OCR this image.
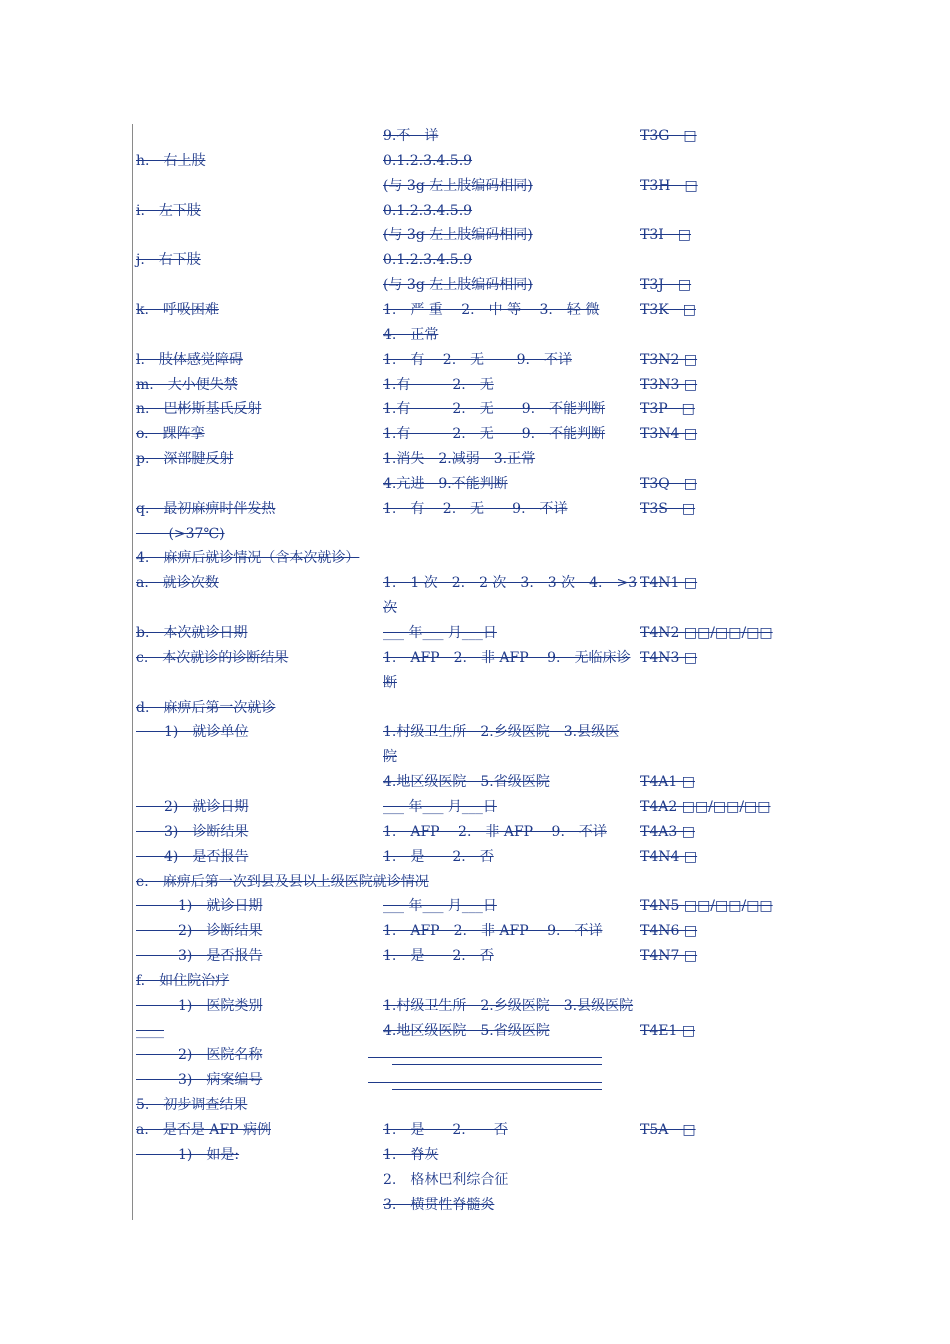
9.不　详	T3G　□
h.　右上肢	0.1.2.3.4.5.9
(与 3g 左上肢编码相同)	T3H　□
i.　左下肢	0.1.2.3.4.5.9
(与 3g 左上肢编码相同)	T3I　□
j.　右下肢	0.1.2.3.4.5.9
(与 3g 左上肢编码相同)	T3J　□
k.　呼吸困难	1.　严 重　 2.　中 等　 3.　轻 微	T3K　□
4.　正常
l.　肢体感觉障碍	1.　有　 2.　无　　 9.　不详	T3N2 □
m.　大小便失禁	1.有　　　2.　无	T3N3 □
n.　巴彬斯基氏反射	1.有　　　2.　无　　9.　不能判断 T3P　□
o.　踝阵挛	1.有　　　2.　无　　9.　不能判断 T3N4 □
p.　深部腱反射	1.消失　2.减弱　3.正常
4.亢进　9.不能判断	T3Q　□
q.　最初麻痹时伴发热	1.　有　 2.　无　　9.　不详	T3S　□
　　 (>37℃)
4.　麻痹后就诊情况（含本次就诊）
a.　就诊次数	1.　1 次　2.　2 次　3.　3 次　4.　>3 T4N1 □
次
b.　本次就诊日期	___ 年___ 月___日	T4N2 □□/□□/□□
c.　本次就诊的诊断结果	1.　AFP　2.　非 AFP　 9.　无临床诊 T4N3 □
断
d.　麻痹后第一次就诊
　　1)　就诊单位	1.村级卫生所　2.乡级医院　3.县级医
院
4.地区级医院　5.省级医院	T4A1 □
　　2)　就诊日期	___ 年___ 月___日	T4A2 □□/□□/□□
　　3)　诊断结果	1.　AFP　 2.　非 AFP　 9.　不详 T4A3 □
　　4)　是否报告	1.　是　　2.　否	T4N4 □
e.　麻痹后第一次到县及县以上级医院就诊情况
　　　1)　就诊日期	___ 年___ 月___日	T4N5 □□/□□/□□
　　　2)　诊断结果	1.　AFP　2.　非 AFP　 9.　不详	T4N6 □
　　　3)　是否报告	1.　是　　2.　否	T4N7 □
f.　如住院治疗
　　　1)　医院类别	1.村级卫生所　2.乡级医院　3.县级医院
____	4.地区级医院　5.省级医院	T4E1 □
　　　2)　医院名称
　　　3)　病案编号
5.　初步调查结果
a.　是否是 AFP 病例	1.　是　　2.　　否	T5A　□
　　　1)　如是:	1.　脊灰
2.　格林巴利综合征
3.　横贯性脊髓炎
